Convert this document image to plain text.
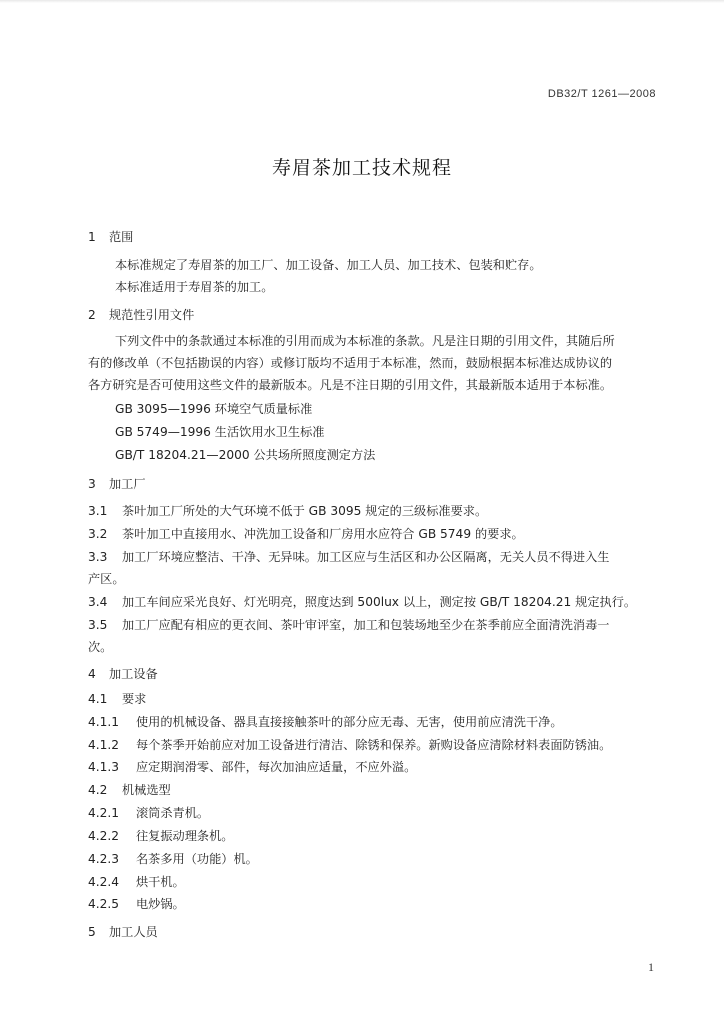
DB32/T 1261—2008
寿眉茶加工技术规程
1 范围
本标准规定了寿眉茶的加工厂、加工设备、加工人员、加工技术、包装和贮存。
本标准适用于寿眉茶的加工。
2 规范性引用文件
下列文件中的条款通过本标准的引用而成为本标准的条款。凡是注日期的引用文件，其随后所
有的修改单（不包括勘误的内容）或修订版均不适用于本标准，然而，鼓励根据本标准达成协议的
各方研究是否可使用这些文件的最新版本。凡是不注日期的引用文件，其最新版本适用于本标准。
GB 3095—1996 环境空气质量标准
GB 5749—1996 生活饮用水卫生标准
GB/T 18204.21—2000 公共场所照度测定方法
3 加工厂
3.1 茶叶加工厂所处的大气环境不低于 GB 3095 规定的三级标准要求。
3.2 茶叶加工中直接用水、冲洗加工设备和厂房用水应符合 GB 5749 的要求。
3.3 加工厂环境应整洁、干净、无异味。加工区应与生活区和办公区隔离，无关人员不得进入生
产区。
3.4 加工车间应采光良好、灯光明亮，照度达到 500lux 以上，测定按 GB/T 18204.21 规定执行。
3.5 加工厂应配有相应的更衣间、茶叶审评室，加工和包装场地至少在茶季前应全面清洗消毒一
次。
4 加工设备
4.1 要求
4.1.1 使用的机械设备、器具直接接触茶叶的部分应无毒、无害，使用前应清洗干净。
4.1.2 每个茶季开始前应对加工设备进行清洁、除锈和保养。新购设备应清除材料表面防锈油。
4.1.3 应定期润滑零、部件，每次加油应适量，不应外溢。
4.2 机械选型
4.2.1 滚筒杀青机。
4.2.2 往复振动理条机。
4.2.3 名茶多用（功能）机。
4.2.4 烘干机。
4.2.5 电炒锅。
5 加工人员
1
